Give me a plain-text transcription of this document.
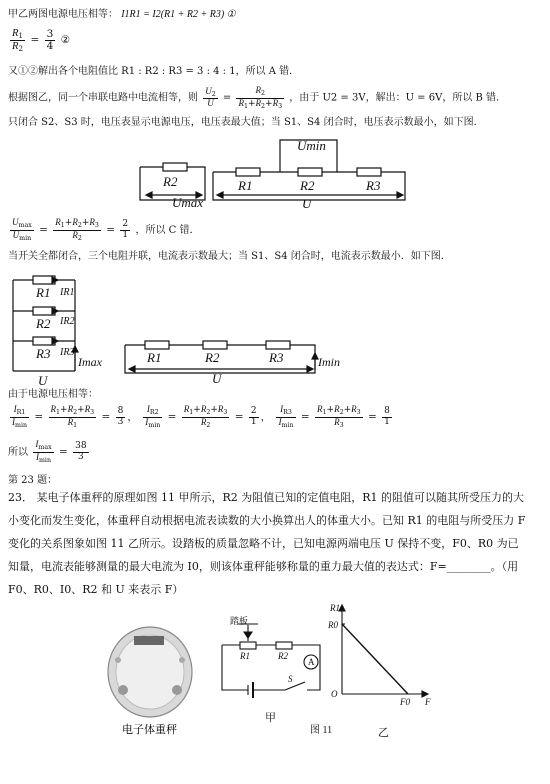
甲乙两图电源电压相等： I1R1 = I2(R1 + R2 + R3) ①
$\frac{R_1}{R_2} = \frac{3}{4}$ ②
又①②解出各个电阻值比 R1 : R2 : R3 = 3 : 4 : 1，所以 A 错．
根据图乙，同一个串联电路中电流相等，则 $\frac{U_2}{U} = \frac{R_2}{R_1+R_2+R_3}$ ，由于 U2 = 3V，解出：U = 6V，所以 B 错．
只闭合 S2、S3 时，电压表显示电源电压，电压表最大值；当 S1、S4 闭合时，电压表示数最小，如下图．
R2
Umax
Umin
R1	R2	R3
U
$\frac{U_{max}}{U_{min}} = \frac{R_1+R_2+R_3}{R_2} = \frac{2}{1}$ ，所以 C 错．
当开关全都闭合，三个电阻并联，电流表示数最大；当 S1、S4 闭合时，电流表示数最小．如下图．
R1 IR1
R2 IR2
R3 IR3
Imax
U
R1	R2	R3	Imin
U
由于电源电压相等：
$\frac{I_{R1}}{I_{min}} = \frac{R_1+R_2+R_3}{R_1} = \frac{8}{3}$ ， $\frac{I_{R2}}{I_{min}} = \frac{R_1+R_2+R_3}{R_2} = \frac{2}{1}$ ， $\frac{I_{R3}}{I_{min}} = \frac{R_1+R_2+R_3}{R_3} = \frac{8}{1}$
所以 $\frac{I_{max}}{I_{min}} = \frac{38}{3}$
第 23 题：
23． 某电子体重秤的原理如图 11 甲所示，R2 为阻值已知的定值电阻，R1 的阻值可以随其所受压力的大小变化而发生变化，体重秤自动根据电流表读数的大小换算出人的体重大小。已知 R1 的电阻与所受压力 F 变化的关系图象如图 11 乙所示。设踏板的质量忽略不计，已知电源两端电压 U 保持不变，F0、R0 为已知量，电流表能够测量的最大电流为 I0，则该体重秤能够称量的重力最大值的表达式：F=________。（用 F0、R0、I0、R2 和 U 来表示 F）
电子体重秤
踏板
R1	R2
A
S
甲
图 11
R1
R0
O
F0 F
乙
